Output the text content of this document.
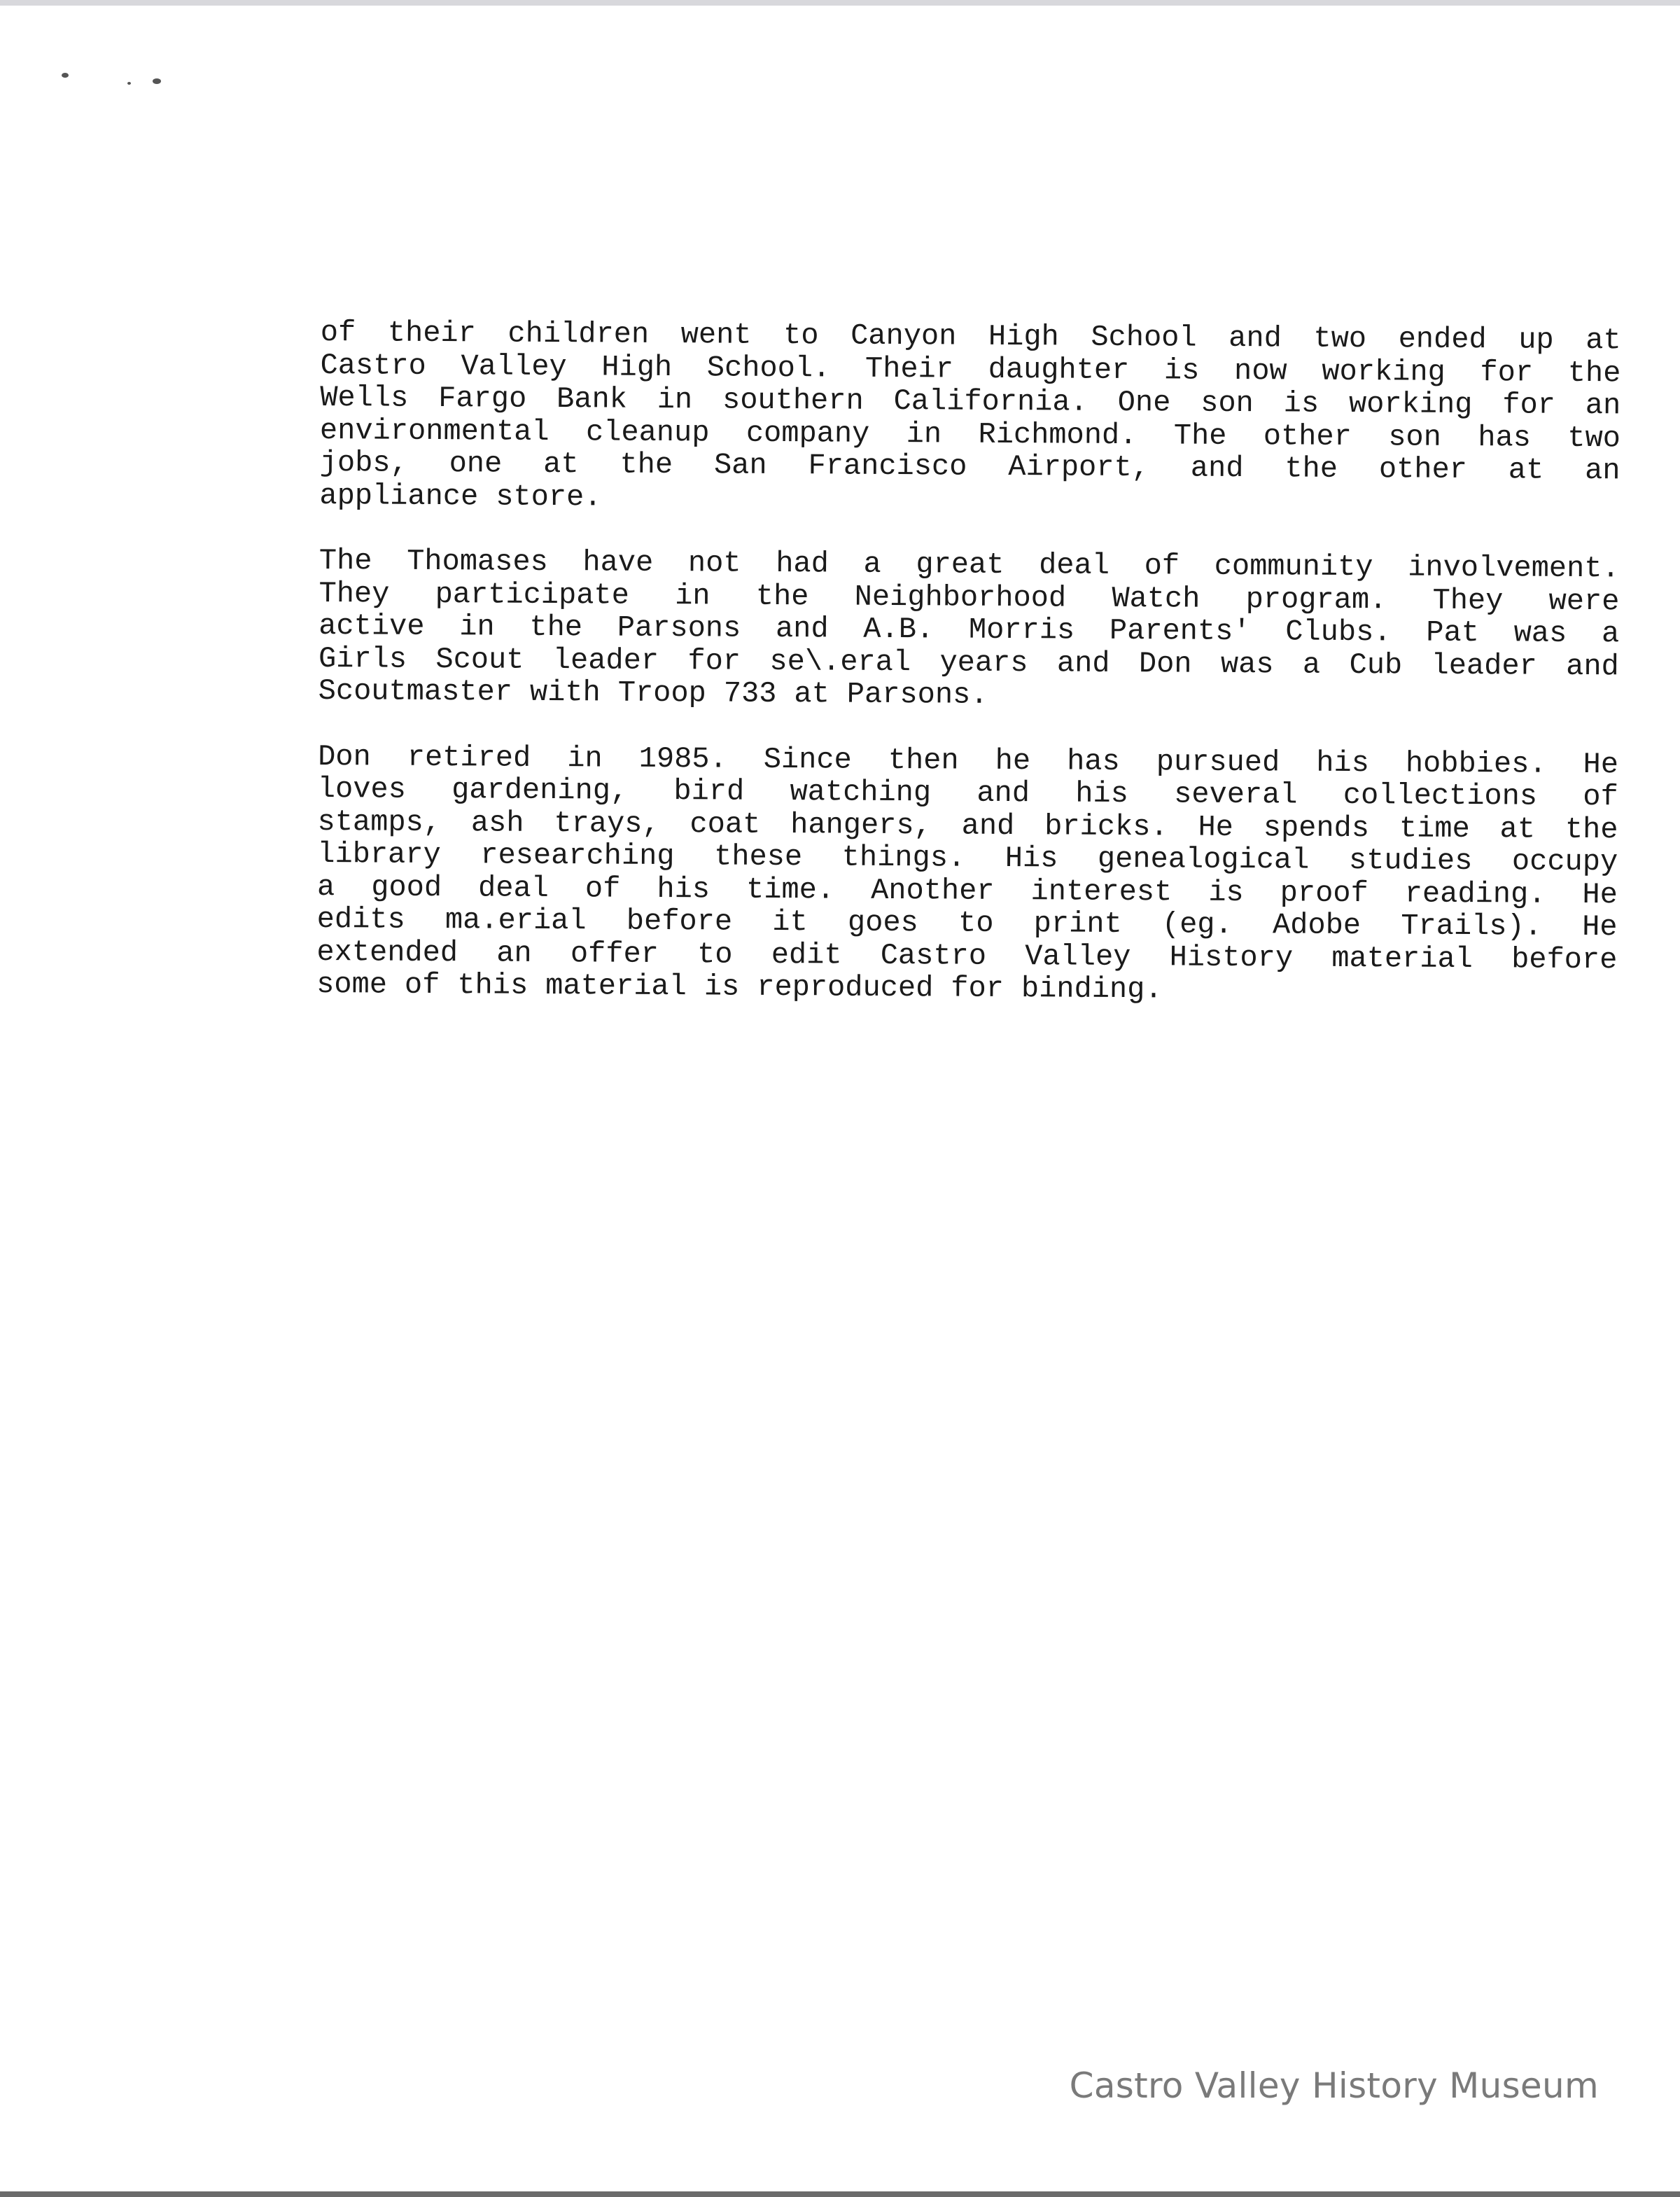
of their children went to Canyon High School and two ended up at
Castro Valley High School. Their daughter is now working for the
Wells Fargo Bank in southern California. One son is working for an
environmental cleanup company in Richmond. The other son has two
jobs, one at the San Francisco Airport, and the other at an
appliance store.
The Thomases have not had a great deal of community involvement.
They participate in the Neighborhood Watch program. They were
active in the Parsons and A.B. Morris Parents' Clubs. Pat was a
Girls Scout leader for se\.eral years and Don was a Cub leader and
Scoutmaster with Troop 733 at Parsons.
Don retired in 1985. Since then he has pursued his hobbies. He
loves gardening, bird watching and his several collections of
stamps, ash trays, coat hangers, and bricks. He spends time at the
library researching these things. His genealogical studies occupy
a good deal of his time. Another interest is proof reading. He
edits ma.erial before it goes to print (eg. Adobe Trails). He
extended an offer to edit Castro Valley History material before
some of this material is reproduced for binding.
Castro Valley History Museum
